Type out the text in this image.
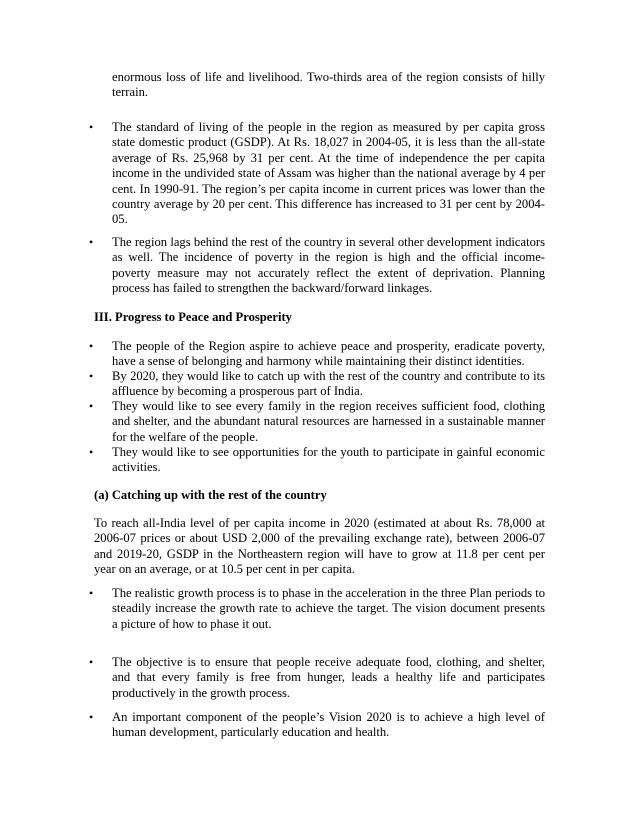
enormous loss of life and livelihood. Two-thirds area of the region consists of hilly terrain.

• The standard of living of the people in the region as measured by per capita gross state domestic product (GSDP). At Rs. 18,027 in 2004-05, it is less than the all-state average of Rs. 25,968 by 31 per cent. At the time of independence the per capita income in the undivided state of Assam was higher than the national average by 4 per cent. In 1990-91. The region’s per capita income in current prices was lower than the country average by 20 per cent. This difference has increased to 31 per cent by 2004-05.

• The region lags behind the rest of the country in several other development indicators as well. The incidence of poverty in the region is high and the official income-poverty measure may not accurately reflect the extent of deprivation. Planning process has failed to strengthen the backward/forward linkages.

III. Progress to Peace and Prosperity
• The people of the Region aspire to achieve peace and prosperity, eradicate poverty, have a sense of belonging and harmony while maintaining their distinct identities.

• By 2020, they would like to catch up with the rest of the country and contribute to its affluence by becoming a prosperous part of India.

• They would like to see every family in the region receives sufficient food, clothing and shelter, and the abundant natural resources are harnessed in a sustainable manner for the welfare of the people.

• They would like to see opportunities for the youth to participate in gainful economic activities.

(a) Catching up with the rest of the country

To reach all-India level of per capita income in 2020 (estimated at about Rs. 78,000 at 2006-07 prices or about USD 2,000 of the prevailing exchange rate), between 2006-07 and 2019-20, GSDP in the Northeastern region will have to grow at 11.8 per cent per year on an average, or at 10.5 per cent in per capita.

• The realistic growth process is to phase in the acceleration in the three Plan periods to steadily increase the growth rate to achieve the target. The vision document presents a picture of how to phase it out.

• The objective is to ensure that people receive adequate food, clothing, and shelter, and that every family is free from hunger, leads a healthy life and participates productively in the growth process.

• An important component of the people’s Vision 2020 is to achieve a high level of human development, particularly education and health.
